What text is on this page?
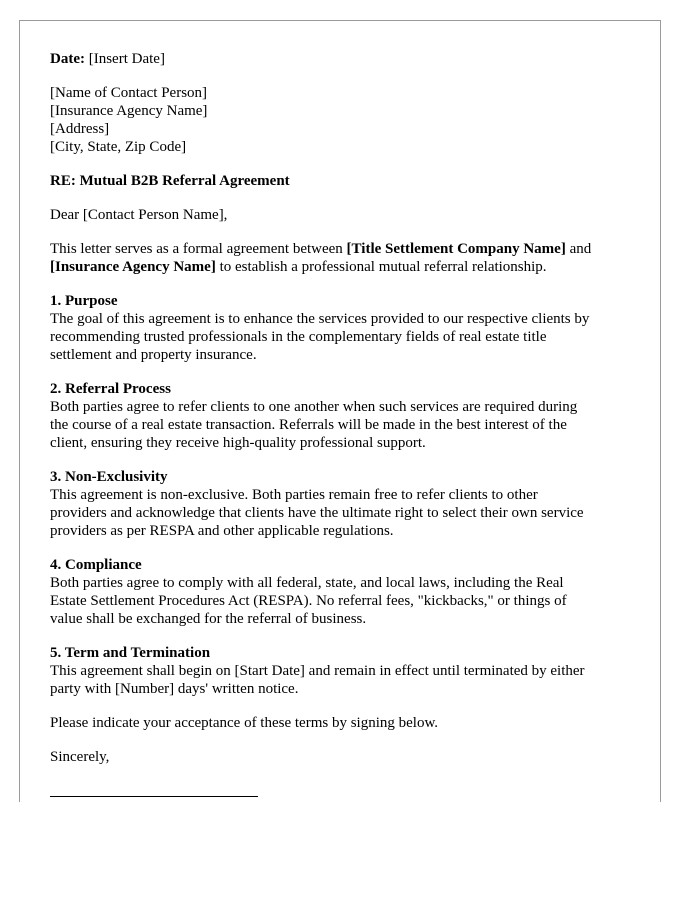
Date: [Insert Date]
[Name of Contact Person]
[Insurance Agency Name]
[Address]
[City, State, Zip Code]
RE: Mutual B2B Referral Agreement
Dear [Contact Person Name],
This letter serves as a formal agreement between [Title Settlement Company Name] and
[Insurance Agency Name] to establish a professional mutual referral relationship.
1. Purpose
The goal of this agreement is to enhance the services provided to our respective clients by
recommending trusted professionals in the complementary fields of real estate title
settlement and property insurance.
2. Referral Process
Both parties agree to refer clients to one another when such services are required during
the course of a real estate transaction. Referrals will be made in the best interest of the
client, ensuring they receive high-quality professional support.
3. Non-Exclusivity
This agreement is non-exclusive. Both parties remain free to refer clients to other
providers and acknowledge that clients have the ultimate right to select their own service
providers as per RESPA and other applicable regulations.
4. Compliance
Both parties agree to comply with all federal, state, and local laws, including the Real
Estate Settlement Procedures Act (RESPA). No referral fees, "kickbacks," or things of
value shall be exchanged for the referral of business.
5. Term and Termination
This agreement shall begin on [Start Date] and remain in effect until terminated by either
party with [Number] days' written notice.
Please indicate your acceptance of these terms by signing below.
Sincerely,
